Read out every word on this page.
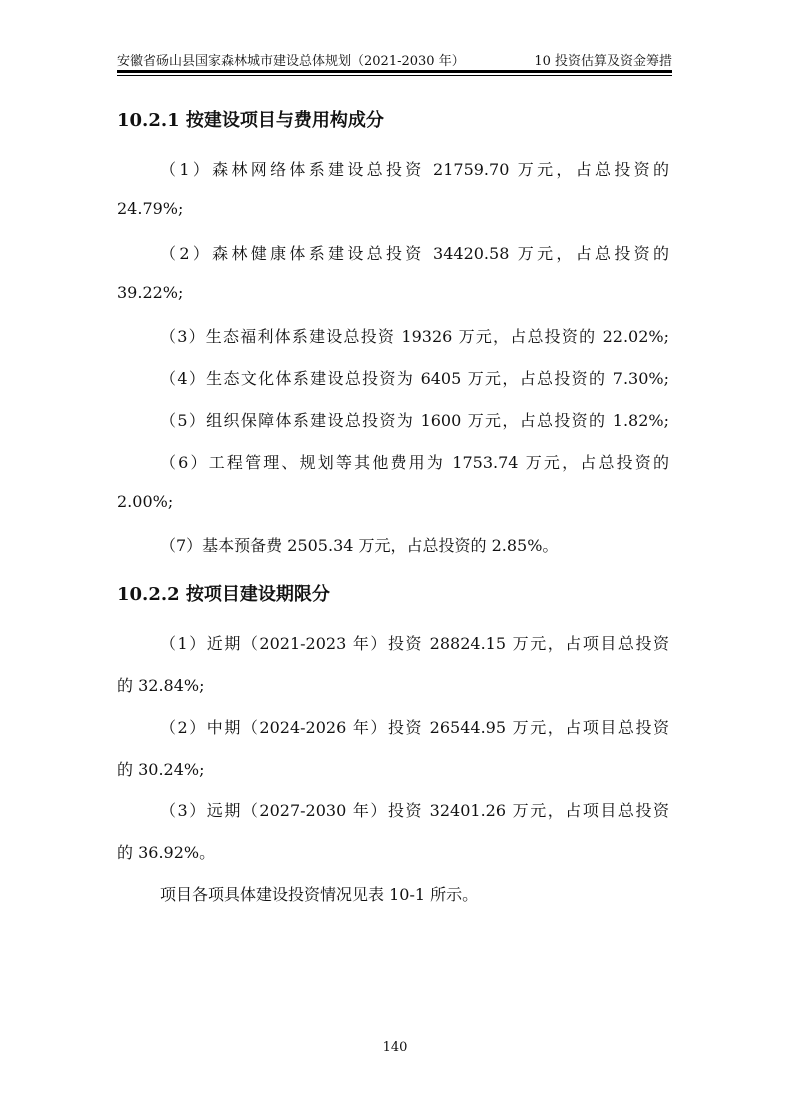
安徽省砀山县国家森林城市建设总体规划（2021-2030 年）	10 投资估算及资金筹措
10.2.1 按建设项目与费用构成分
（1）森林网络体系建设总投资 21759.70 万元，占总投资的
24.79%;
（2）森林健康体系建设总投资 34420.58 万元，占总投资的
39.22%;
（3）生态福利体系建设总投资 19326 万元，占总投资的 22.02%;
（4）生态文化体系建设总投资为 6405 万元，占总投资的 7.30%;
（5）组织保障体系建设总投资为 1600 万元，占总投资的 1.82%;
（6）工程管理、规划等其他费用为 1753.74 万元，占总投资的
2.00%;
（7）基本预备费 2505.34 万元，占总投资的 2.85%。
10.2.2 按项目建设期限分
（1）近期（2021-2023 年）投资 28824.15 万元，占项目总投资
的 32.84%;
（2）中期（2024-2026 年）投资 26544.95 万元，占项目总投资
的 30.24%;
（3）远期（2027-2030 年）投资 32401.26 万元，占项目总投资
的 36.92%。
项目各项具体建设投资情况见表 10-1 所示。
140
